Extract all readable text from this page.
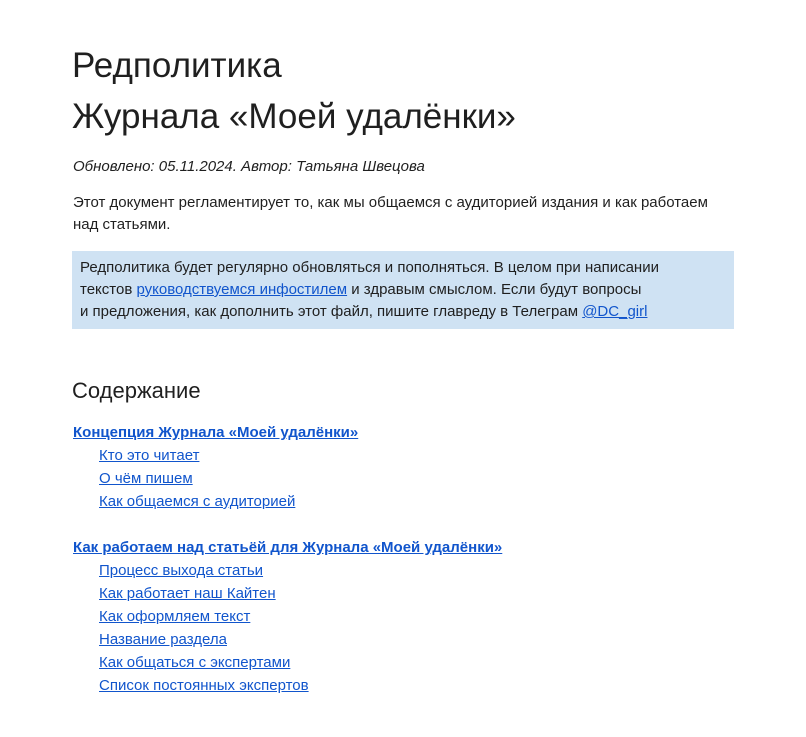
Редполитика
Журнала «Моей удалёнки»
Обновлено: 05.11.2024. Автор: Татьяна Швецова
Этот документ регламентирует то, как мы общаемся с аудиторией издания и как работаем над статьями.
Редполитика будет регулярно обновляться и пополняться. В целом при написании
текстов руководствуемся инфостилем и здравым смыслом. Если будут вопросы
и предложения, как дополнить этот файл, пишите главреду в Телеграм @DC_girl
Содержание
Концепция Журнала «Моей удалёнки»
Кто это читает
О чём пишем
Как общаемся с аудиторией
Как работаем над статьёй для Журнала «Моей удалёнки»
Процесс выхода статьи
Как работает наш Кайтен
Как оформляем текст
Название раздела
Как общаться с экспертами
Список постоянных экспертов
